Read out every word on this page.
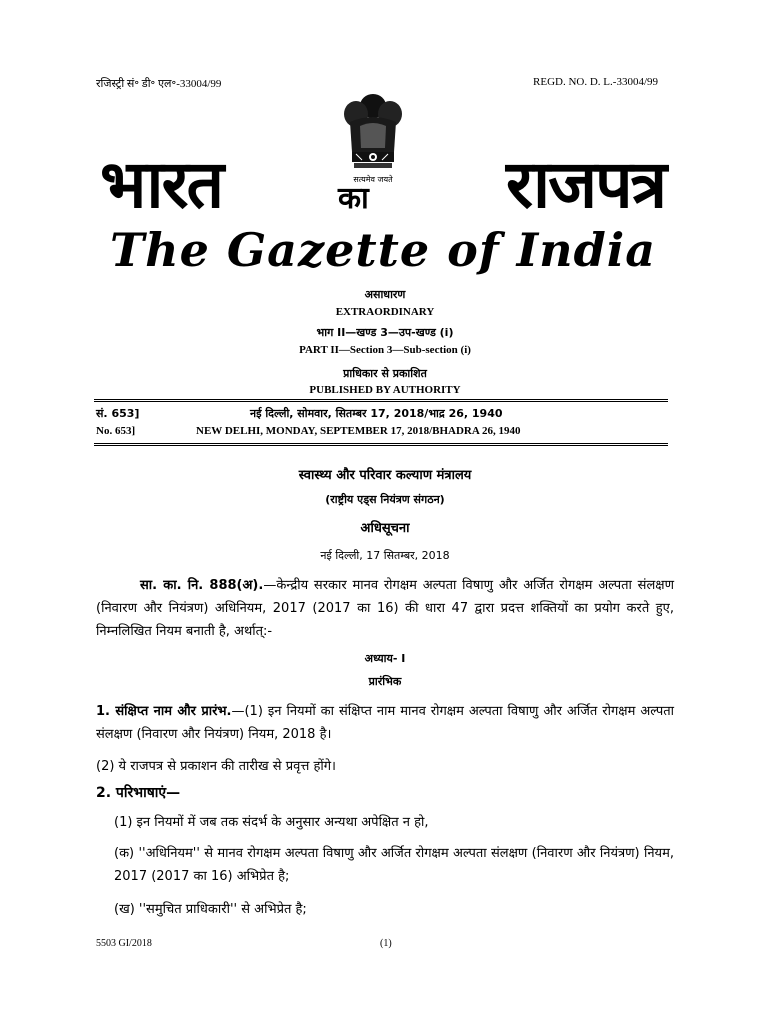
रजिस्ट्री सं॰ डी॰ एल॰-33004/99	REGD. NO. D. L.-33004/99
सत्यमेव जयते
भारत	का राजपत्र
The Gazette of India
असाधारण
EXTRAORDINARY
भाग II—खण्ड 3—उप-खण्ड (i)
PART II—Section 3—Sub-section (i)
प्राधिकार से प्रकाशित
PUBLISHED BY AUTHORITY
सं. 653]	नई दिल्ली, सोमवार, सितम्बर 17, 2018/भाद्र 26, 1940
No. 653]	NEW DELHI, MONDAY, SEPTEMBER 17, 2018/BHADRA 26, 1940
स्वास्थ्य और परिवार कल्याण मंत्रालय
(राष्ट्रीय एड्स नियंत्रण संगठन)
अधिसूचना
नई दिल्ली, 17 सितम्बर, 2018
सा. का. नि. 888(अ).—केन्द्रीय सरकार मानव रोगक्षम अल्पता विषाणु और अर्जित रोगक्षम अल्पता संलक्षण (निवारण और नियंत्रण) अधिनियम, 2017 (2017 का 16) की धारा 47 द्वारा प्रदत्त शक्तियों का प्रयोग करते हुए, निम्नलिखित नियम बनाती है, अर्थात्:-
अध्याय- I
प्रारंभिक
1. संक्षिप्त नाम और प्रारंभ.—(1) इन नियमों का संक्षिप्त नाम मानव रोगक्षम अल्पता विषाणु और अर्जित रोगक्षम अल्पता संलक्षण (निवारण और नियंत्रण) नियम, 2018 है।
(2) ये राजपत्र से प्रकाशन की तारीख से प्रवृत्त होंगे।
2. परिभाषाएं—
(1) इन नियमों में जब तक संदर्भ के अनुसार अन्यथा अपेक्षित न हो,
(क) ''अधिनियम'' से मानव रोगक्षम अल्पता विषाणु और अर्जित रोगक्षम अल्पता संलक्षण (निवारण और नियंत्रण) नियम, 2017 (2017 का 16) अभिप्रेत है;
(ख) ''समुचित प्राधिकारी'' से अभिप्रेत है;
5503 GI/2018	(1)
